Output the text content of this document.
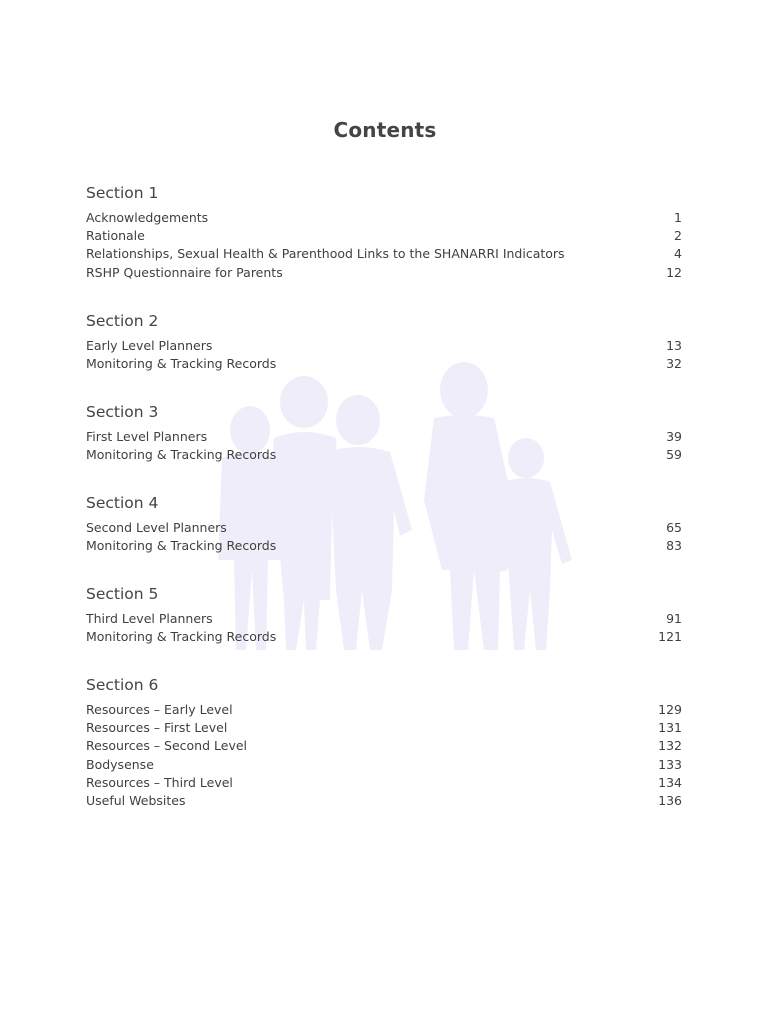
Contents
Section 1
Acknowledgements	1
Rationale	2
Relationships, Sexual Health & Parenthood Links to the SHANARRI Indicators	4
RSHP Questionnaire for Parents	12
Section 2
Early Level Planners	13
Monitoring & Tracking Records	32
Section 3
First Level Planners	39
Monitoring & Tracking Records	59
Section 4
Second Level Planners	65
Monitoring & Tracking Records	83
Section 5
Third Level Planners	91
Monitoring & Tracking Records	121
Section 6
Resources – Early Level	129
Resources – First Level	131
Resources – Second Level	132
Bodysense	133
Resources – Third Level	134
Useful Websites	136
